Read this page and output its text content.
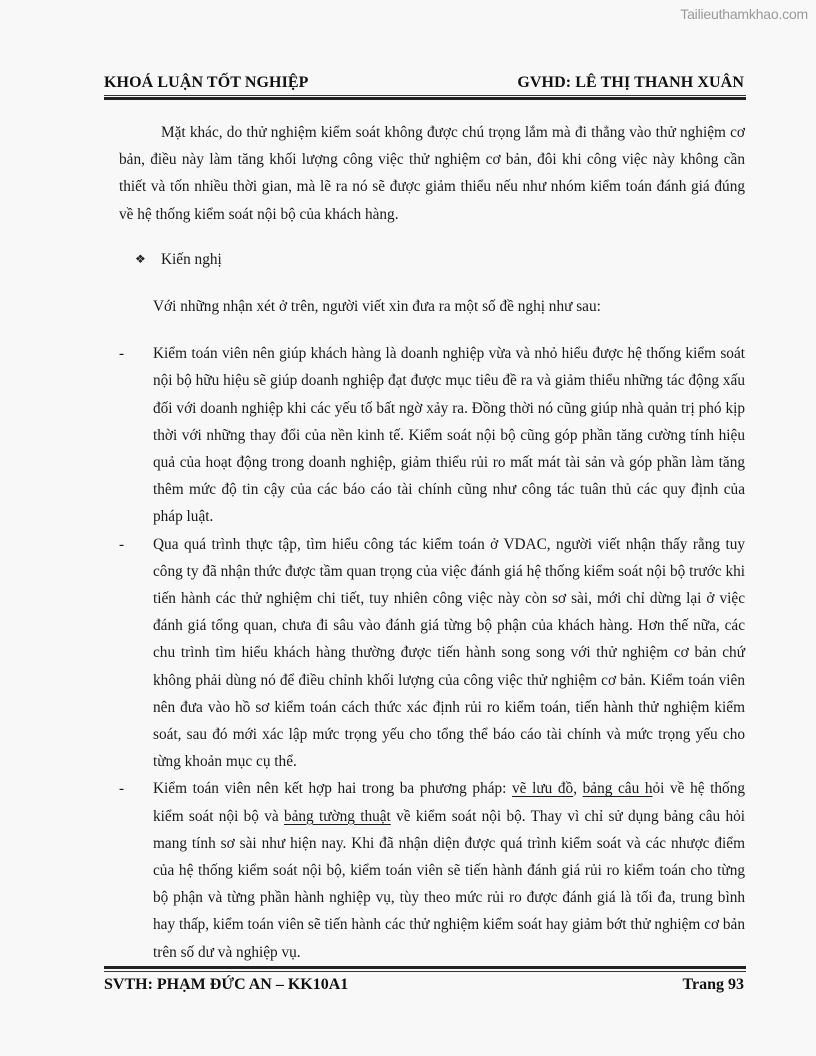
Tailieuthamkhao.com
KHOÁ LUẬN TỐT NGHIỆP	GVHD: LÊ THỊ THANH XUÂN

Mặt khác, do thử nghiệm kiểm soát không được chú trọng lắm mà đi thẳng vào thử nghiệm cơ bản, điều này làm tăng khối lượng công việc thử nghiệm cơ bản, đôi khi công việc này không cần thiết và tốn nhiều thời gian, mà lẽ ra nó sẽ được giảm thiểu nếu như nhóm kiểm toán đánh giá đúng về hệ thống kiểm soát nội bộ của khách hàng.

❖ Kiến nghị

Với những nhận xét ở trên, người viết xin đưa ra một số đề nghị như sau:

-	Kiểm toán viên nên giúp khách hàng là doanh nghiệp vừa và nhỏ hiểu được hệ thống kiểm soát nội bộ hữu hiệu sẽ giúp doanh nghiệp đạt được mục tiêu đề ra và giảm thiểu những tác động xấu đối với doanh nghiệp khi các yếu tố bất ngờ xảy ra. Đồng thời nó cũng giúp nhà quản trị phó kịp thời với những thay đổi của nền kinh tế. Kiểm soát nội bộ cũng góp phần tăng cường tính hiệu quả của hoạt động trong doanh nghiệp, giảm thiểu rủi ro mất mát tài sản và góp phần làm tăng thêm mức độ tin cậy của các báo cáo tài chính cũng như công tác tuân thủ các quy định của pháp luật.
-	Qua quá trình thực tập, tìm hiểu công tác kiểm toán ở VDAC, người viết nhận thấy rằng tuy công ty đã nhận thức được tầm quan trọng của việc đánh giá hệ thống kiểm soát nội bộ trước khi tiến hành các thử nghiệm chi tiết, tuy nhiên công việc này còn sơ sài, mới chỉ dừng lại ở việc đánh giá tổng quan, chưa đi sâu vào đánh giá từng bộ phận của khách hàng. Hơn thế nữa, các chu trình tìm hiểu khách hàng thường được tiến hành song song với thử nghiệm cơ bản chứ không phải dùng nó để điều chỉnh khối lượng của công việc thử nghiệm cơ bản. Kiểm toán viên nên đưa vào hồ sơ kiểm toán cách thức xác định rủi ro kiểm toán, tiến hành thử nghiệm kiểm soát, sau đó mới xác lập mức trọng yếu cho tổng thể báo cáo tài chính và mức trọng yếu cho từng khoản mục cụ thể.
-	Kiểm toán viên nên kết hợp hai trong ba phương pháp: vẽ lưu đồ, bảng câu hỏi về hệ thống kiểm soát nội bộ và bảng tường thuật về kiểm soát nội bộ. Thay vì chỉ sử dụng bảng câu hỏi mang tính sơ sài như hiện nay. Khi đã nhận diện được quá trình kiểm soát và các nhược điểm của hệ thống kiểm soát nội bộ, kiểm toán viên sẽ tiến hành đánh giá rủi ro kiểm toán cho từng bộ phận và từng phần hành nghiệp vụ, tùy theo mức rủi ro được đánh giá là tối đa, trung bình hay thấp, kiểm toán viên sẽ tiến hành các thử nghiệm kiểm soát hay giảm bớt thử nghiệm cơ bản trên số dư và nghiệp vụ.
SVTH: PHẠM ĐỨC AN – KK10A1	Trang 93
